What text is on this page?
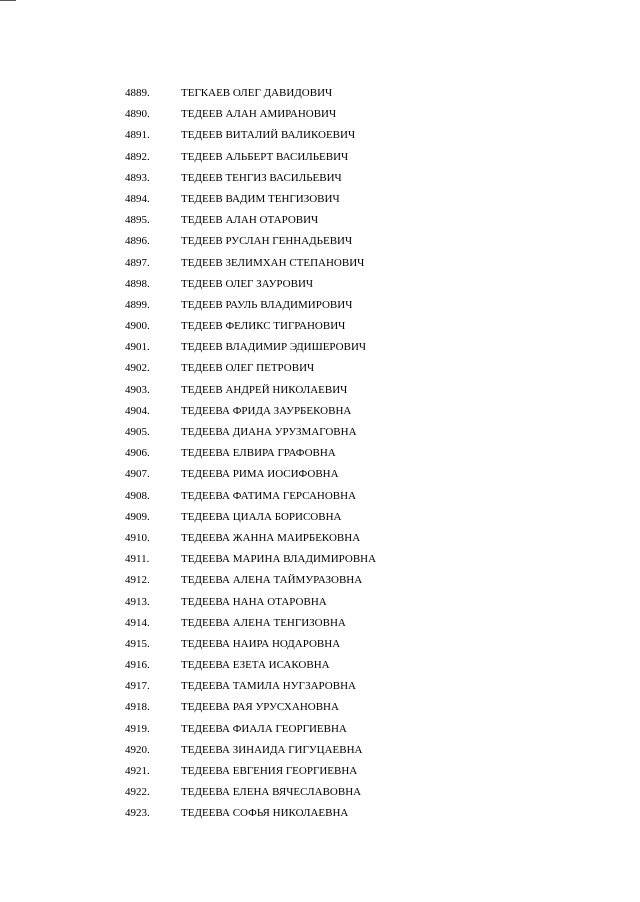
4889.	ТЕГКАЕВ ОЛЕГ ДАВИДОВИЧ
4890.	ТЕДЕЕВ АЛАН АМИРАНОВИЧ
4891.	ТЕДЕЕВ ВИТАЛИЙ ВАЛИКОЕВИЧ
4892.	ТЕДЕЕВ АЛЬБЕРТ ВАСИЛЬЕВИЧ
4893.	ТЕДЕЕВ ТЕНГИЗ ВАСИЛЬЕВИЧ
4894.	ТЕДЕЕВ ВАДИМ ТЕНГИЗОВИЧ
4895.	ТЕДЕЕВ АЛАН ОТАРОВИЧ
4896.	ТЕДЕЕВ РУСЛАН ГЕННАДЬЕВИЧ
4897.	ТЕДЕЕВ ЗЕЛИМХАН СТЕПАНОВИЧ
4898.	ТЕДЕЕВ ОЛЕГ ЗАУРОВИЧ
4899.	ТЕДЕЕВ РАУЛЬ ВЛАДИМИРОВИЧ
4900.	ТЕДЕЕВ ФЕЛИКС ТИГРАНОВИЧ
4901.	ТЕДЕЕВ ВЛАДИМИР ЭДИШЕРОВИЧ
4902.	ТЕДЕЕВ ОЛЕГ ПЕТРОВИЧ
4903.	ТЕДЕЕВ АНДРЕЙ НИКОЛАЕВИЧ
4904.	ТЕДЕЕВА ФРИДА ЗАУРБЕКОВНА
4905.	ТЕДЕЕВА ДИАНА УРУЗМАГОВНА
4906.	ТЕДЕЕВА ЕЛВИРА ГРАФОВНА
4907.	ТЕДЕЕВА РИМА ИОСИФОВНА
4908.	ТЕДЕЕВА ФАТИМА ГЕРСАНОВНА
4909.	ТЕДЕЕВА ЦИАЛА БОРИСОВНА
4910.	ТЕДЕЕВА ЖАННА МАИРБЕКОВНА
4911.	ТЕДЕЕВА МАРИНА ВЛАДИМИРОВНА
4912.	ТЕДЕЕВА АЛЕНА ТАЙМУРАЗОВНА
4913.	ТЕДЕЕВА НАНА ОТАРОВНА
4914.	ТЕДЕЕВА АЛЕНА ТЕНГИЗОВНА
4915.	ТЕДЕЕВА НАИРА НОДАРОВНА
4916.	ТЕДЕЕВА ЕЗЕТА ИСАКОВНА
4917.	ТЕДЕЕВА ТАМИЛА НУГЗАРОВНА
4918.	ТЕДЕЕВА РАЯ УРУСХАНОВНА
4919.	ТЕДЕЕВА ФИАЛА ГЕОРГИЕВНА
4920.	ТЕДЕЕВА ЗИНАИДА ГИГУЦАЕВНА
4921.	ТЕДЕЕВА ЕВГЕНИЯ ГЕОРГИЕВНА
4922.	ТЕДЕЕВА ЕЛЕНА ВЯЧЕСЛАВОВНА
4923.	ТЕДЕЕВА СОФЬЯ НИКОЛАЕВНА
